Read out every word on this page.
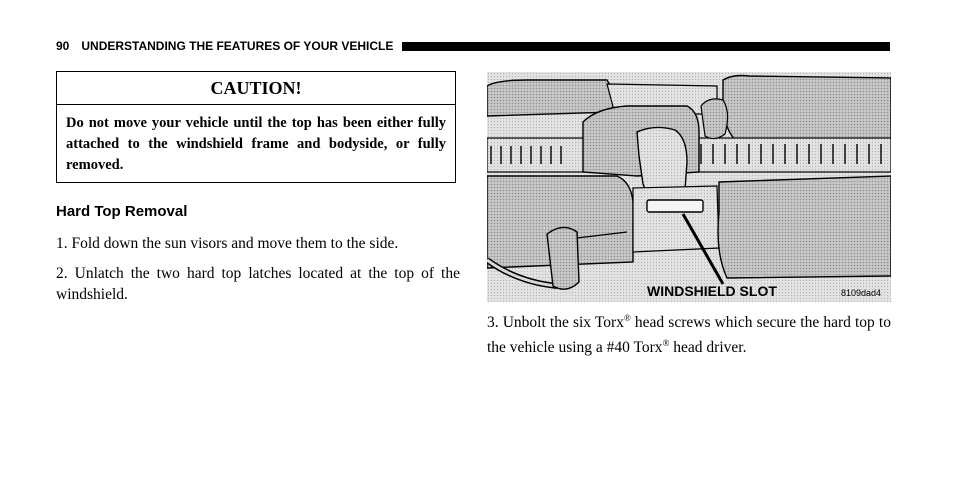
90 UNDERSTANDING THE FEATURES OF YOUR VEHICLE
CAUTION!
Do not move your vehicle until the top has been either fully attached to the windshield frame and bodyside, or fully removed.
Hard Top Removal
1. Fold down the sun visors and move them to the side.
2. Unlatch the two hard top latches located at the top of the windshield.	WINDSHIELD SLOT	8109dad4
3. Unbolt the six Torx® head screws which secure the hard top to the vehicle using a #40 Torx® head driver.
